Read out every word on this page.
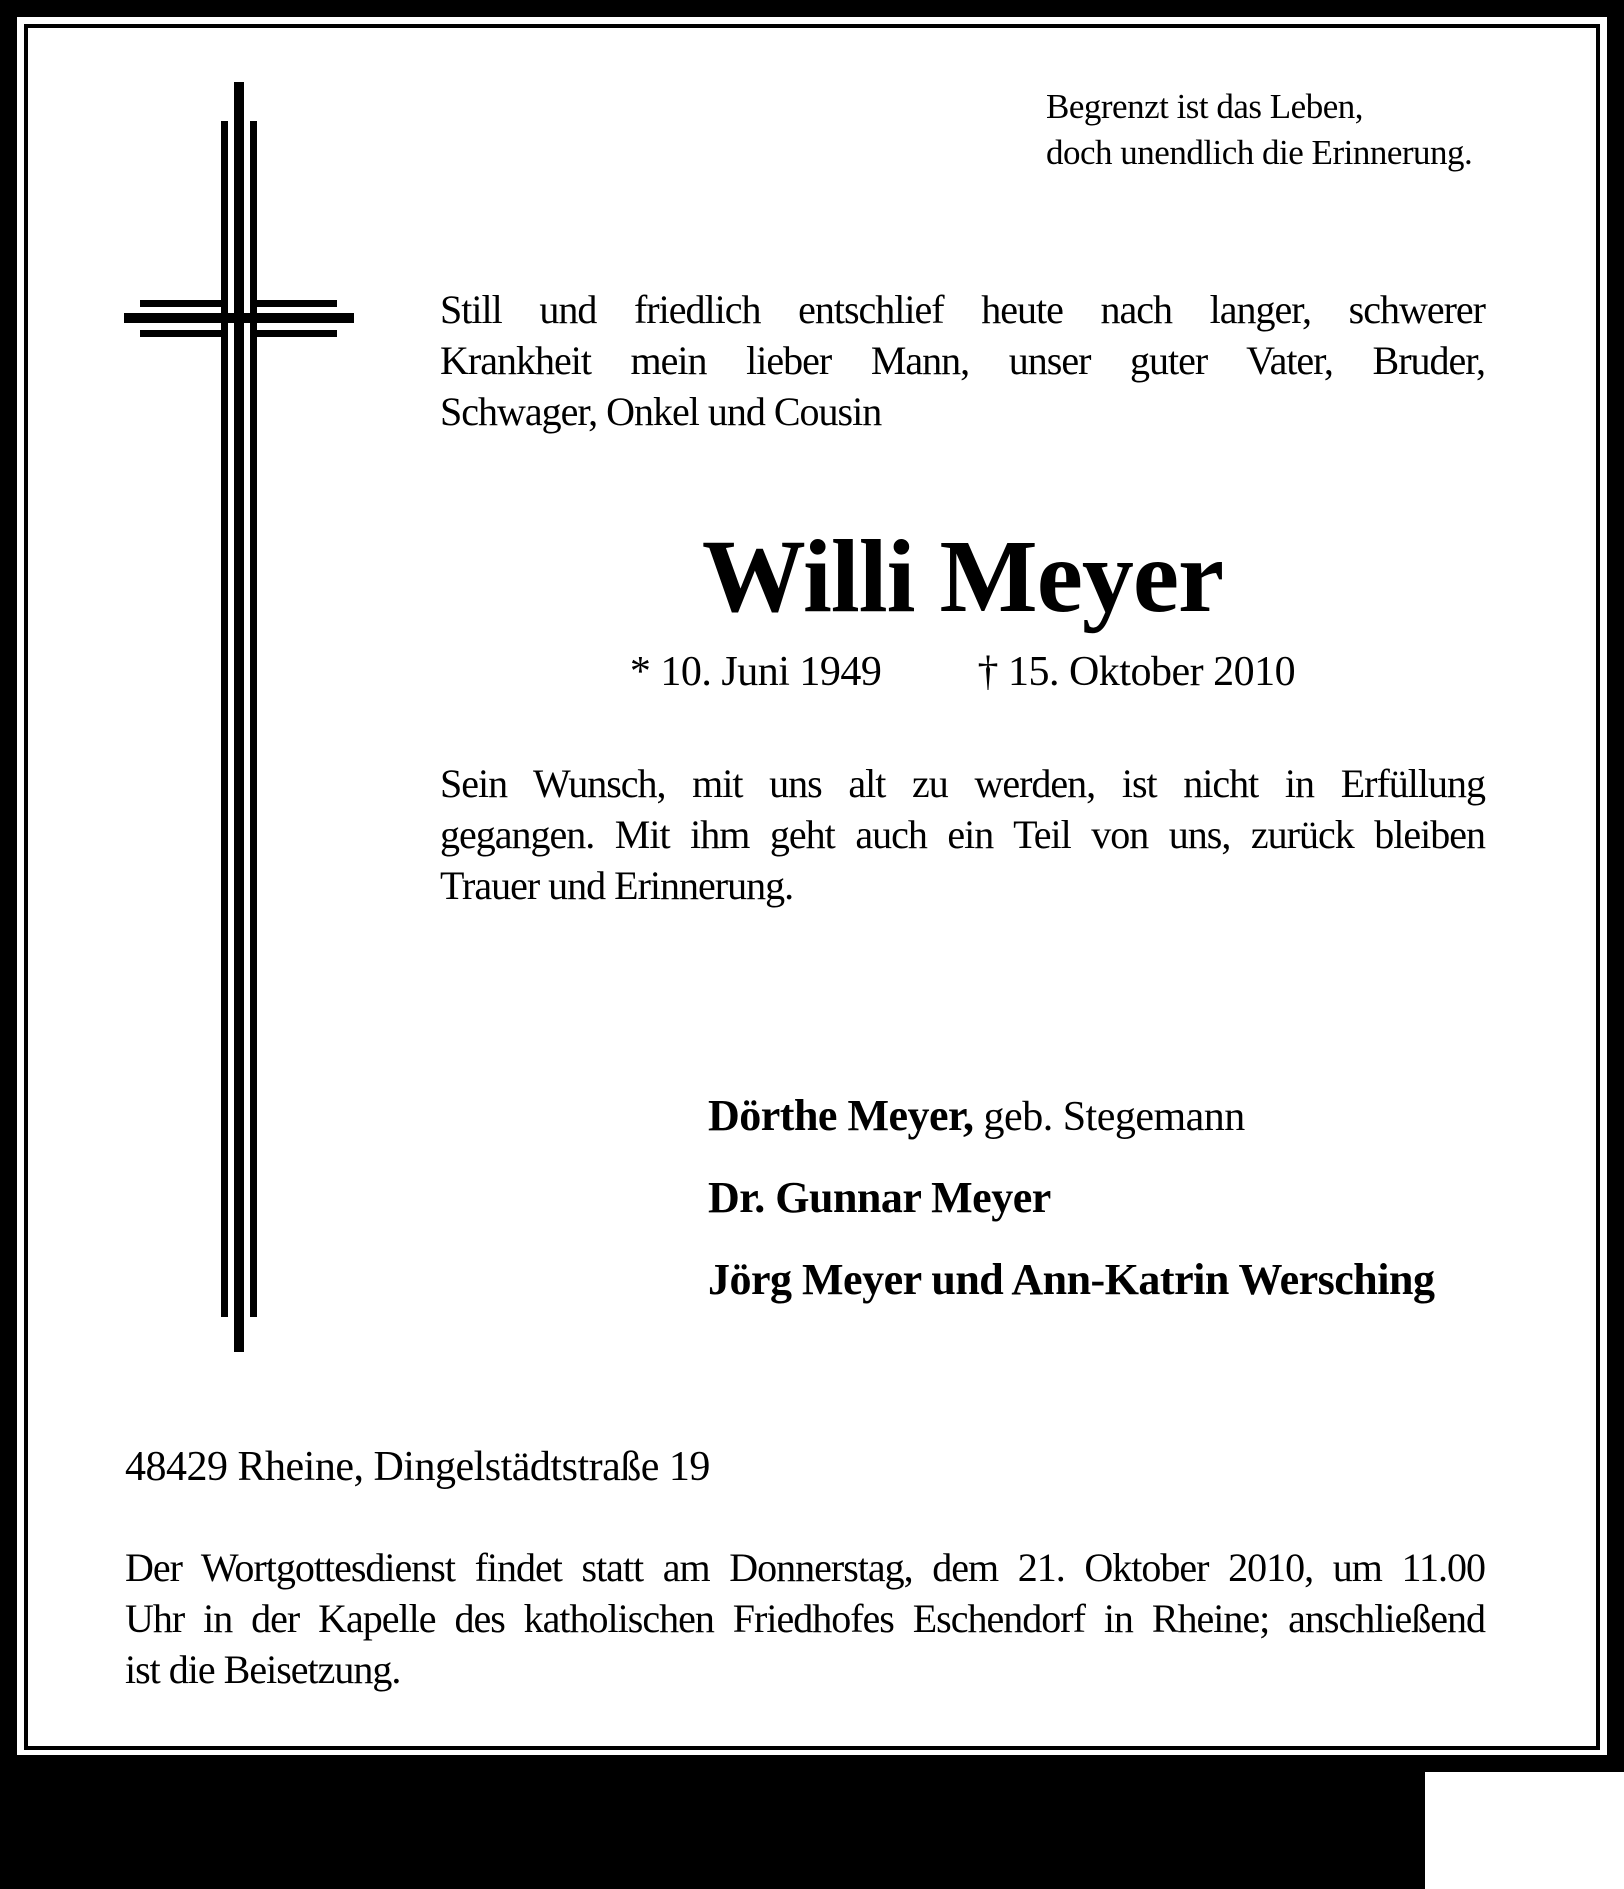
Begrenzt ist das Leben,
doch unendlich die Erinnerung.
Still und friedlich entschlief heute nach langer, schwerer
Krankheit mein lieber Mann, unser guter Vater, Bruder,
Schwager, Onkel und Cousin
Willi Meyer
* 10. Juni 1949 † 15. Oktober 2010
Sein Wunsch, mit uns alt zu werden, ist nicht in Erfüllung
gegangen. Mit ihm geht auch ein Teil von uns, zurück bleiben
Trauer und Erinnerung.
Dörthe Meyer, geb. Stegemann
Dr. Gunnar Meyer
Jörg Meyer und Ann-Katrin Wersching
48429 Rheine, Dingelstädtstraße 19
Der Wortgottesdienst findet statt am Donnerstag, dem 21. Oktober 2010, um 11.00
Uhr in der Kapelle des katholischen Friedhofes Eschendorf in Rheine; anschließend
ist die Beisetzung.
